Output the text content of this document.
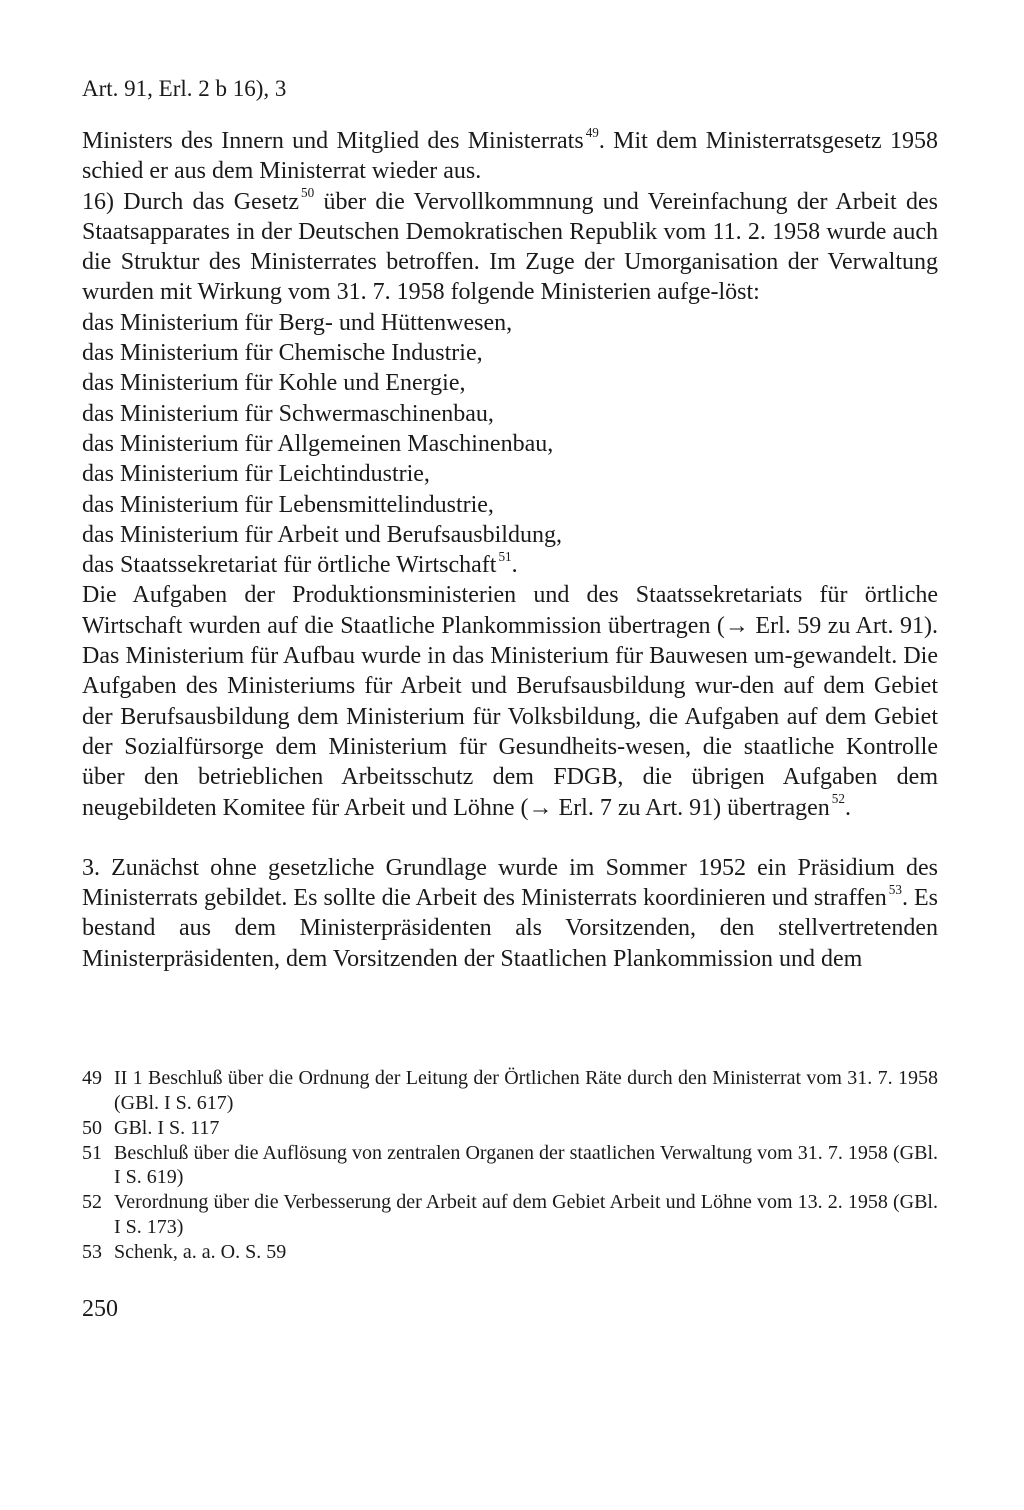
Art. 91, Erl. 2 b 16), 3

Ministers des Innern und Mitglied des Ministerrats $^{49}$. Mit dem Ministerratsgesetz 1958 schied er aus dem Ministerrat wieder aus.

16) Durch das Gesetz $^{50}$ über die Vervollkommnung und Vereinfachung der Arbeit des Staatsapparates in der Deutschen Demokratischen Republik vom 11. 2. 1958 wurde auch die Struktur des Ministerrates betroffen. Im Zuge der Umorganisation der Verwaltung wurden mit Wirkung vom 31. 7. 1958 folgende Ministerien aufge-löst:

das Ministerium für Berg- und Hüttenwesen,
das Ministerium für Chemische Industrie,
das Ministerium für Kohle und Energie,
das Ministerium für Schwermaschinenbau,
das Ministerium für Allgemeinen Maschinenbau,
das Ministerium für Leichtindustrie,
das Ministerium für Lebensmittelindustrie,
das Ministerium für Arbeit und Berufsausbildung,
das Staatssekretariat für örtliche Wirtschaft $^{51}$.

Die Aufgaben der Produktionsministerien und des Staatssekretariats für örtliche Wirtschaft wurden auf die Staatliche Plankommission übertragen (→ Erl. 59 zu Art. 91). Das Ministerium für Aufbau wurde in das Ministerium für Bauwesen um-gewandelt. Die Aufgaben des Ministeriums für Arbeit und Berufsausbildung wur-den auf dem Gebiet der Berufsausbildung dem Ministerium für Volksbildung, die Aufgaben auf dem Gebiet der Sozialfürsorge dem Ministerium für Gesundheits-wesen, die staatliche Kontrolle über den betrieblichen Arbeitsschutz dem FDGB, die übrigen Aufgaben dem neugebildeten Komitee für Arbeit und Löhne (→ Erl. 7 zu Art. 91) übertragen $^{52}$.

3. Zunächst ohne gesetzliche Grundlage wurde im Sommer 1952 ein Präsidium des Ministerrats gebildet. Es sollte die Arbeit des Ministerrats koordinieren und straffen $^{53}$. Es bestand aus dem Ministerpräsidenten als Vorsitzenden, den stellvertretenden Ministerpräsidenten, dem Vorsitzenden der Staatlichen Plankommission und dem

49 II 1 Beschluß über die Ordnung der Leitung der Örtlichen Räte durch den Ministerrat vom 31. 7. 1958 (GBl. I S. 617)
50 GBl. I S. 117
51 Beschluß über die Auflösung von zentralen Organen der staatlichen Verwaltung vom 31. 7. 1958 (GBl. I S. 619)
52 Verordnung über die Verbesserung der Arbeit auf dem Gebiet Arbeit und Löhne vom 13. 2. 1958 (GBl. I S. 173)
53 Schenk, a. a. O. S. 59
250
